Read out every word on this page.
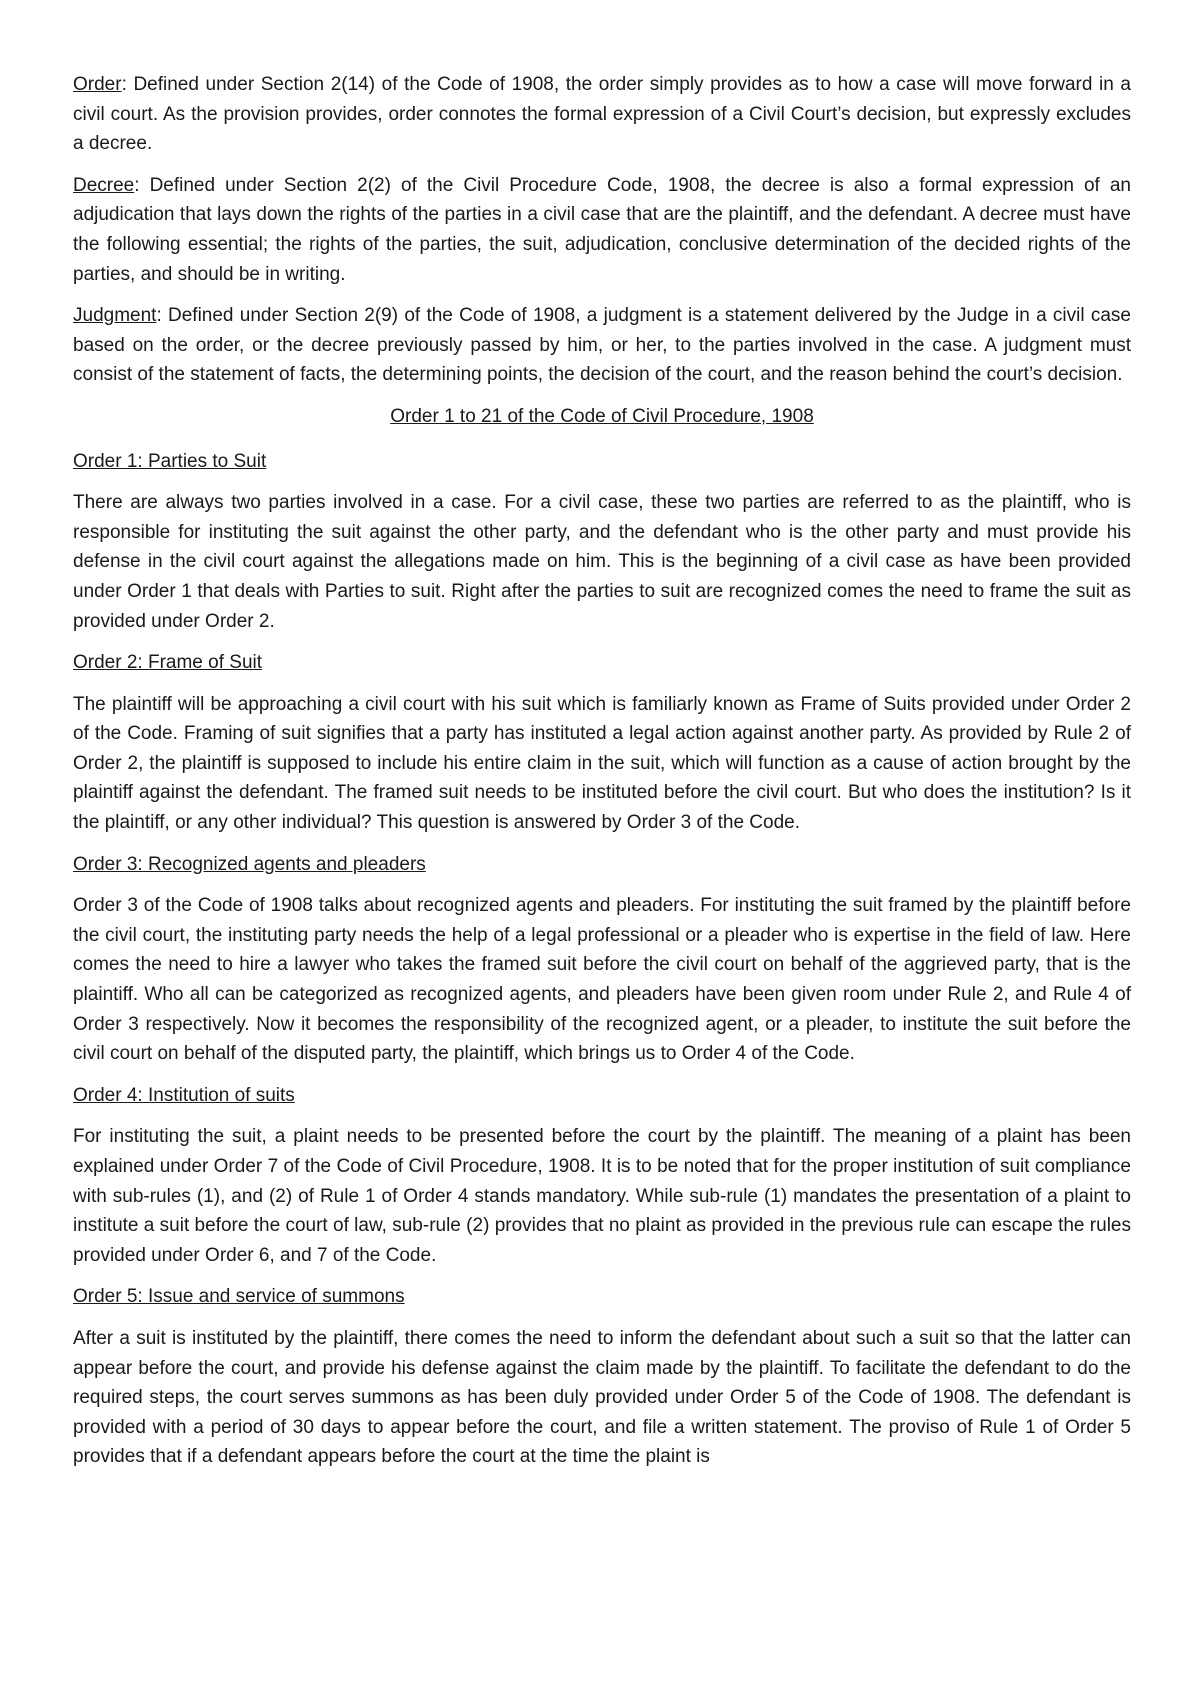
Order: Defined under Section 2(14) of the Code of 1908, the order simply provides as to how a case will move forward in a civil court. As the provision provides, order connotes the formal expression of a Civil Court’s decision, but expressly excludes a decree.

Decree: Defined under Section 2(2) of the Civil Procedure Code, 1908, the decree is also a formal expression of an adjudication that lays down the rights of the parties in a civil case that are the plaintiff, and the defendant. A decree must have the following essential; the rights of the parties, the suit, adjudication, conclusive determination of the decided rights of the parties, and should be in writing.

Judgment: Defined under Section 2(9) of the Code of 1908, a judgment is a statement delivered by the Judge in a civil case based on the order, or the decree previously passed by him, or her, to the parties involved in the case. A judgment must consist of the statement of facts, the determining points, the decision of the court, and the reason behind the court’s decision.

Order 1 to 21 of the Code of Civil Procedure, 1908

Order 1: Parties to Suit

There are always two parties involved in a case. For a civil case, these two parties are referred to as the plaintiff, who is responsible for instituting the suit against the other party, and the defendant who is the other party and must provide his defense in the civil court against the allegations made on him. This is the beginning of a civil case as have been provided under Order 1 that deals with Parties to suit. Right after the parties to suit are recognized comes the need to frame the suit as provided under Order 2.

Order 2: Frame of Suit

The plaintiff will be approaching a civil court with his suit which is familiarly known as Frame of Suits provided under Order 2 of the Code. Framing of suit signifies that a party has instituted a legal action against another party. As provided by Rule 2 of Order 2, the plaintiff is supposed to include his entire claim in the suit, which will function as a cause of action brought by the plaintiff against the defendant. The framed suit needs to be instituted before the civil court. But who does the institution? Is it the plaintiff, or any other individual? This question is answered by Order 3 of the Code.

Order 3: Recognized agents and pleaders

Order 3 of the Code of 1908 talks about recognized agents and pleaders. For instituting the suit framed by the plaintiff before the civil court, the instituting party needs the help of a legal professional or a pleader who is expertise in the field of law. Here comes the need to hire a lawyer who takes the framed suit before the civil court on behalf of the aggrieved party, that is the plaintiff. Who all can be categorized as recognized agents, and pleaders have been given room under Rule 2, and Rule 4 of Order 3 respectively. Now it becomes the responsibility of the recognized agent, or a pleader, to institute the suit before the civil court on behalf of the disputed party, the plaintiff, which brings us to Order 4 of the Code.

Order 4: Institution of suits

For instituting the suit, a plaint needs to be presented before the court by the plaintiff. The meaning of a plaint has been explained under Order 7 of the Code of Civil Procedure, 1908. It is to be noted that for the proper institution of suit compliance with sub-rules (1), and (2) of Rule 1 of Order 4 stands mandatory. While sub-rule (1) mandates the presentation of a plaint to institute a suit before the court of law, sub-rule (2) provides that no plaint as provided in the previous rule can escape the rules provided under Order 6, and 7 of the Code.

Order 5: Issue and service of summons

After a suit is instituted by the plaintiff, there comes the need to inform the defendant about such a suit so that the latter can appear before the court, and provide his defense against the claim made by the plaintiff. To facilitate the defendant to do the required steps, the court serves summons as has been duly provided under Order 5 of the Code of 1908. The defendant is provided with a period of 30 days to appear before the court, and file a written statement. The proviso of Rule 1 of Order 5 provides that if a defendant appears before the court at the time the plaint is
